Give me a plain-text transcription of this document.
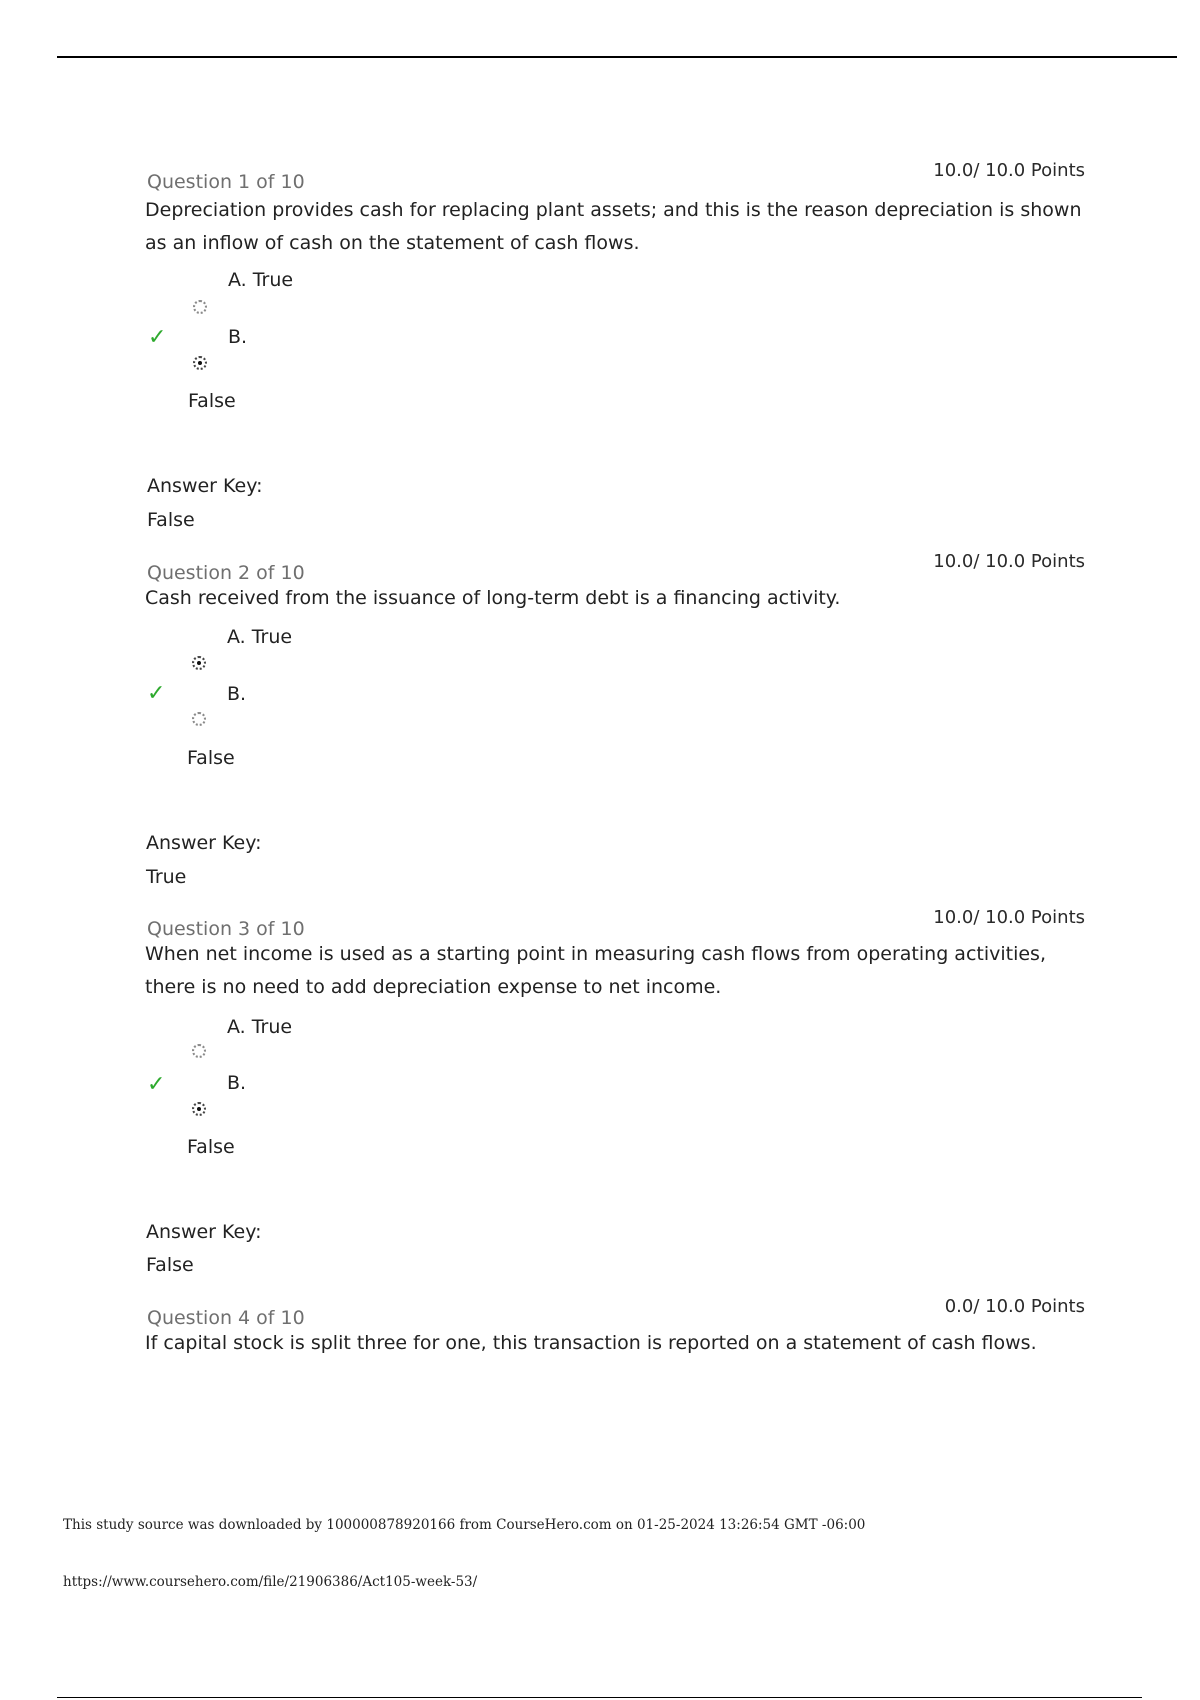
Question 1 of 10
10.0/ 10.0 Points
Depreciation provides cash for replacing plant assets; and this is the reason depreciation is shown as an inflow of cash on the statement of cash flows.
A. True
✓	B.
False
Answer Key:
False
Question 2 of 10
10.0/ 10.0 Points
Cash received from the issuance of long-term debt is a financing activity.
A. True
✓	B.
False
Answer Key:
True
Question 3 of 10
10.0/ 10.0 Points
When net income is used as a starting point in measuring cash flows from operating activities, there is no need to add depreciation expense to net income.
A. True
✓	B.
False
Answer Key:
False
Question 4 of 10
0.0/ 10.0 Points
If capital stock is split three for one, this transaction is reported on a statement of cash flows.
This study source was downloaded by 100000878920166 from CourseHero.com on 01-25-2024 13:26:54 GMT -06:00
https://www.coursehero.com/file/21906386/Act105-week-53/
